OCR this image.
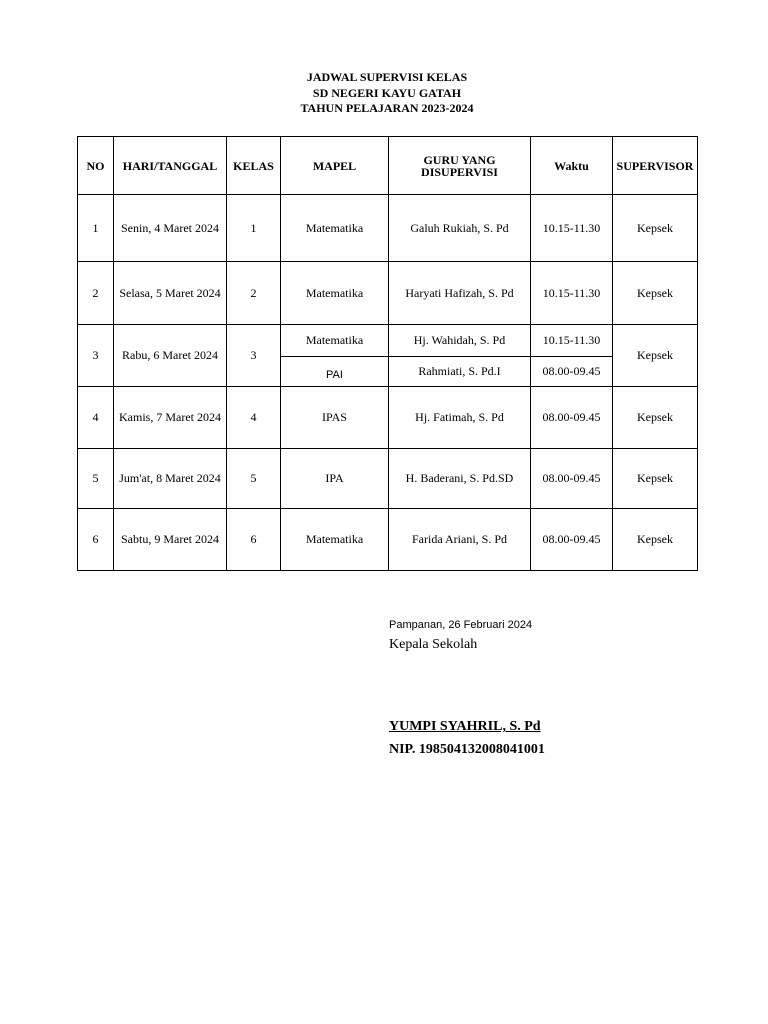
JADWAL SUPERVISI KELAS
SD NEGERI KAYU GATAH
TAHUN PELAJARAN 2023-2024
NO	HARI/TANGGAL	KELAS	MAPEL	GURU YANG DISUPERVISI	Waktu	SUPERVISOR
1	Senin, 4 Maret 2024	1	Matematika	Galuh Rukiah, S. Pd	10.15-11.30	Kepsek
2	Selasa, 5 Maret 2024	2	Matematika	Haryati Hafizah, S. Pd	10.15-11.30	Kepsek
3	Rabu, 6 Maret 2024	3	Matematika	Hj. Wahidah, S. Pd	10.15-11.30	Kepsek
			PAI	Rahmiati, S. Pd.I	08.00-09.45	
4	Kamis, 7 Maret 2024	4	IPAS	Hj. Fatimah, S. Pd	08.00-09.45	Kepsek
5	Jum'at, 8 Maret 2024	5	IPA	H. Baderani, S. Pd.SD	08.00-09.45	Kepsek
6	Sabtu, 9 Maret 2024	6	Matematika	Farida Ariani, S. Pd	08.00-09.45	Kepsek
Pampanan, 26 Februari 2024
Kepala Sekolah
YUMPI SYAHRIL, S. Pd
NIP. 198504132008041001
